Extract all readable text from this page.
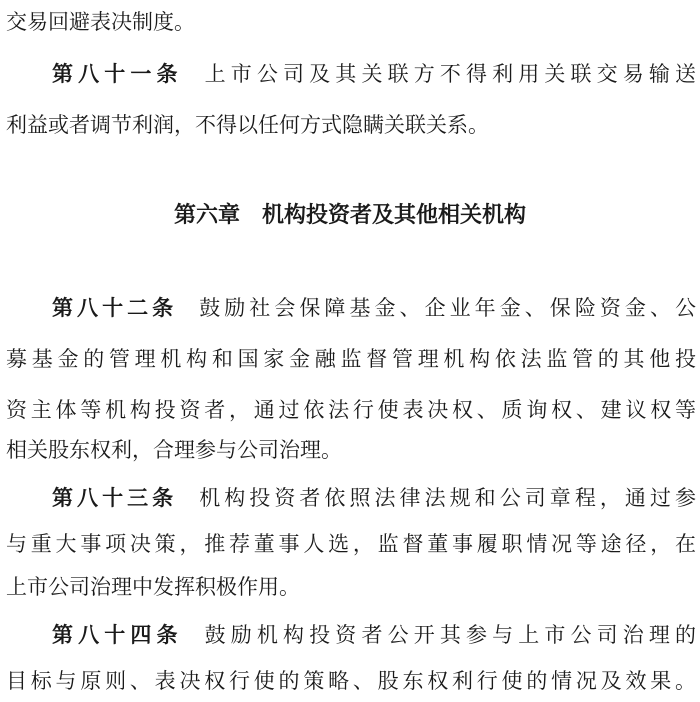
交易回避表决制度。
第八十一条 上市公司及其关联方不得利用关联交易输送
利益或者调节利润，不得以任何方式隐瞒关联关系。
第六章 机构投资者及其他相关机构
第八十二条 鼓励社会保障基金、企业年金、保险资金、公
募基金的管理机构和国家金融监督管理机构依法监管的其他投
资主体等机构投资者，通过依法行使表决权、质询权、建议权等
相关股东权利，合理参与公司治理。
第八十三条 机构投资者依照法律法规和公司章程，通过参
与重大事项决策，推荐董事人选，监督董事履职情况等途径，在
上市公司治理中发挥积极作用。
第八十四条 鼓励机构投资者公开其参与上市公司治理的
目标与原则、表决权行使的策略、股东权利行使的情况及效果。
